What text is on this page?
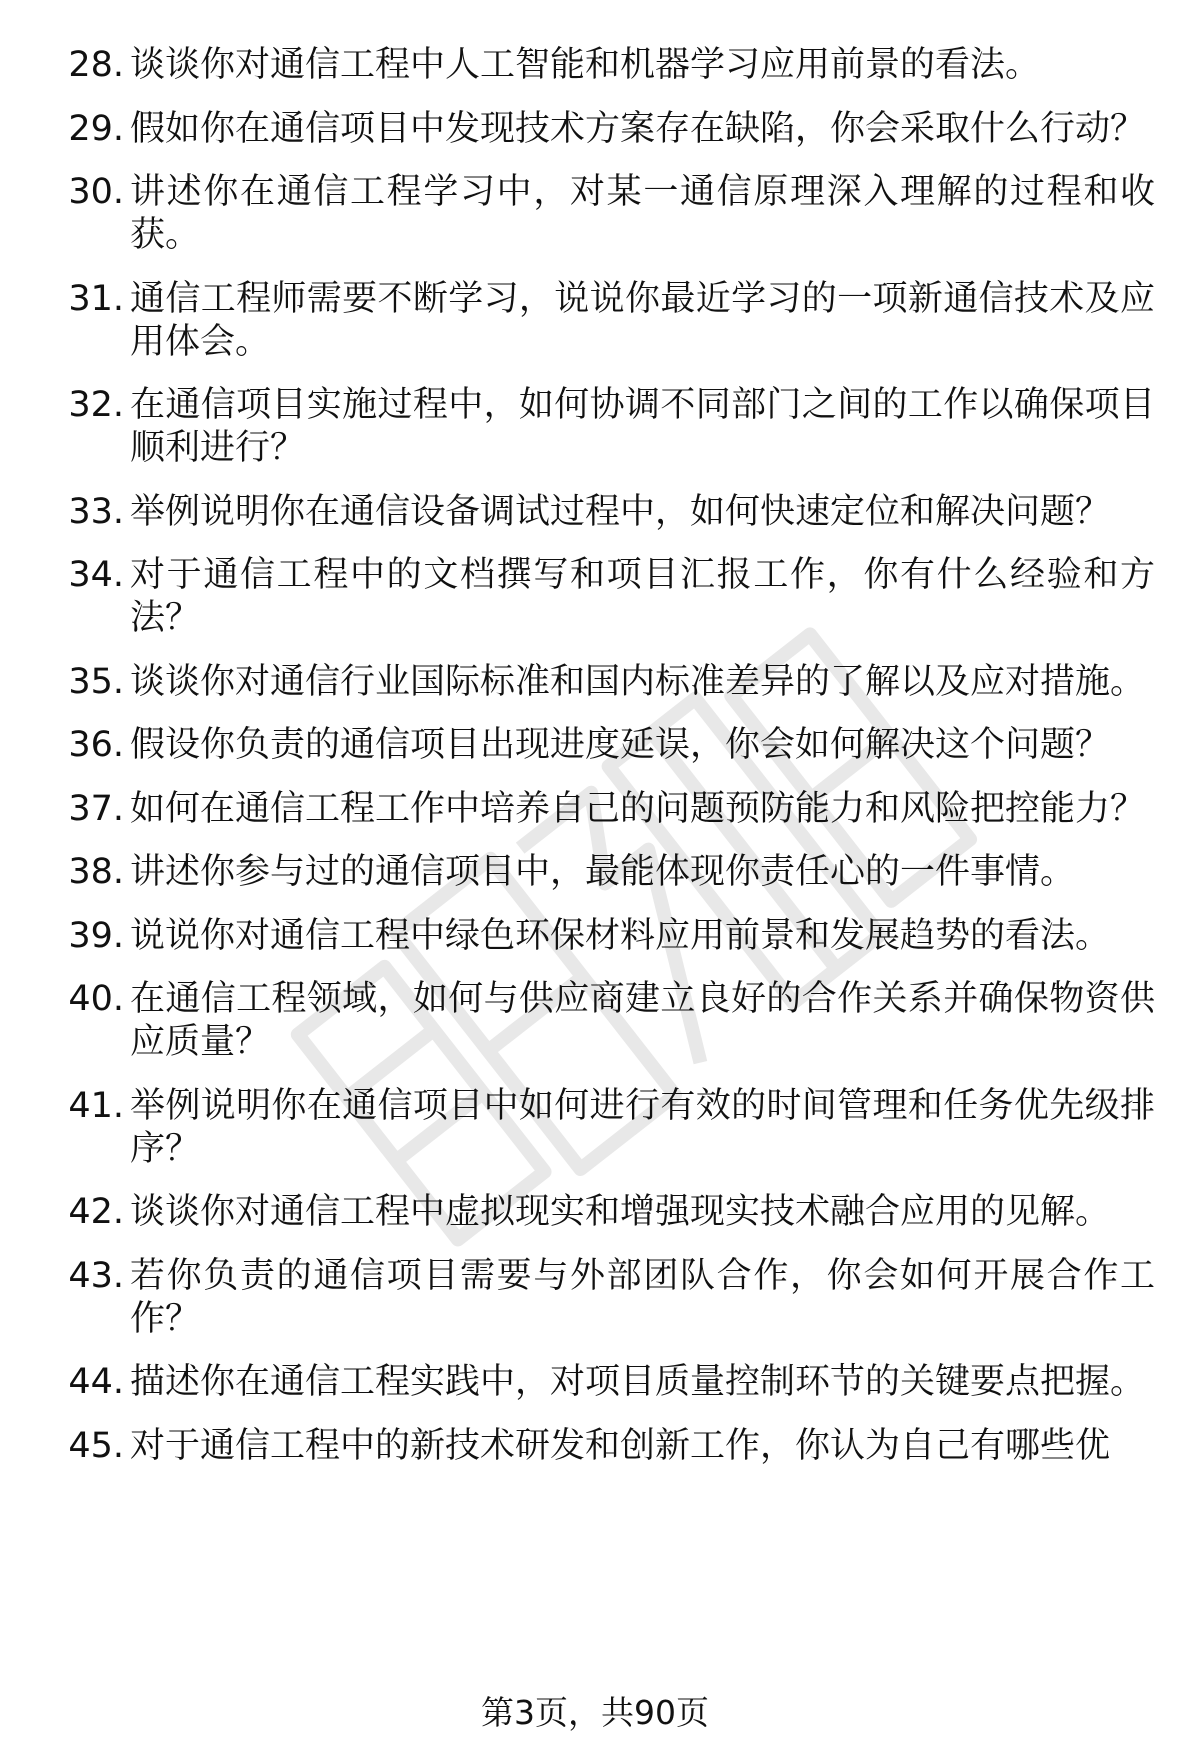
28. 谈谈你对通信工程中人工智能和机器学习应用前景的看法。
29. 假如你在通信项目中发现技术方案存在缺陷，你会采取什么行动？
30. 讲述你在通信工程学习中，对某一通信原理深入理解的过程和收获。
31. 通信工程师需要不断学习，说说你最近学习的一项新通信技术及应用体会。
32. 在通信项目实施过程中，如何协调不同部门之间的工作以确保项目顺利进行？
33. 举例说明你在通信设备调试过程中，如何快速定位和解决问题？
34. 对于通信工程中的文档撰写和项目汇报工作，你有什么经验和方法？
35. 谈谈你对通信行业国际标准和国内标准差异的了解以及应对措施。
36. 假设你负责的通信项目出现进度延误，你会如何解决这个问题？
37. 如何在通信工程工作中培养自己的问题预防能力和风险把控能力？
38. 讲述你参与过的通信项目中，最能体现你责任心的一件事情。
39. 说说你对通信工程中绿色环保材料应用前景和发展趋势的看法。
40. 在通信工程领域，如何与供应商建立良好的合作关系并确保物资供应质量？
41. 举例说明你在通信项目中如何进行有效的时间管理和任务优先级排序？
42. 谈谈你对通信工程中虚拟现实和增强现实技术融合应用的见解。
43. 若你负责的通信项目需要与外部团队合作，你会如何开展合作工作？
44. 描述你在通信工程实践中，对项目质量控制环节的关键要点把握。
45. 对于通信工程中的新技术研发和创新工作，你认为自己有哪些优
第3页，共90页
